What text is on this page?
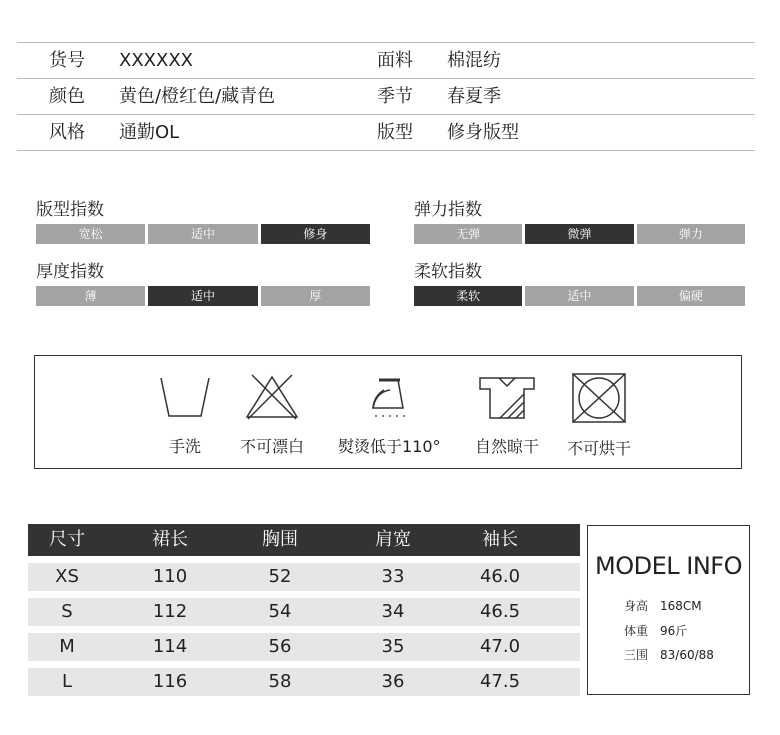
货号 XXXXXX	面料 棉混纺
颜色 黄色/橙红色/藏青色	季节 春夏季
风格 通勤OL	版型 修身版型
版型指数
宽松	适中	修身
弹力指数
无弹	微弹	弹力
厚度指数
薄	适中	厚
柔软指数
柔软	适中	偏硬
手洗 不可漂白 熨烫低于110° 自然晾干 不可烘干
尺寸	裙长	胸围	肩宽	袖长
XS	110	52	33	46.0
S	112	54	34	46.5
M	114	56	35	47.0
L	116	58	36	47.5
MODEL INFO
身高 168CM
体重 96斤
三围 83/60/88
